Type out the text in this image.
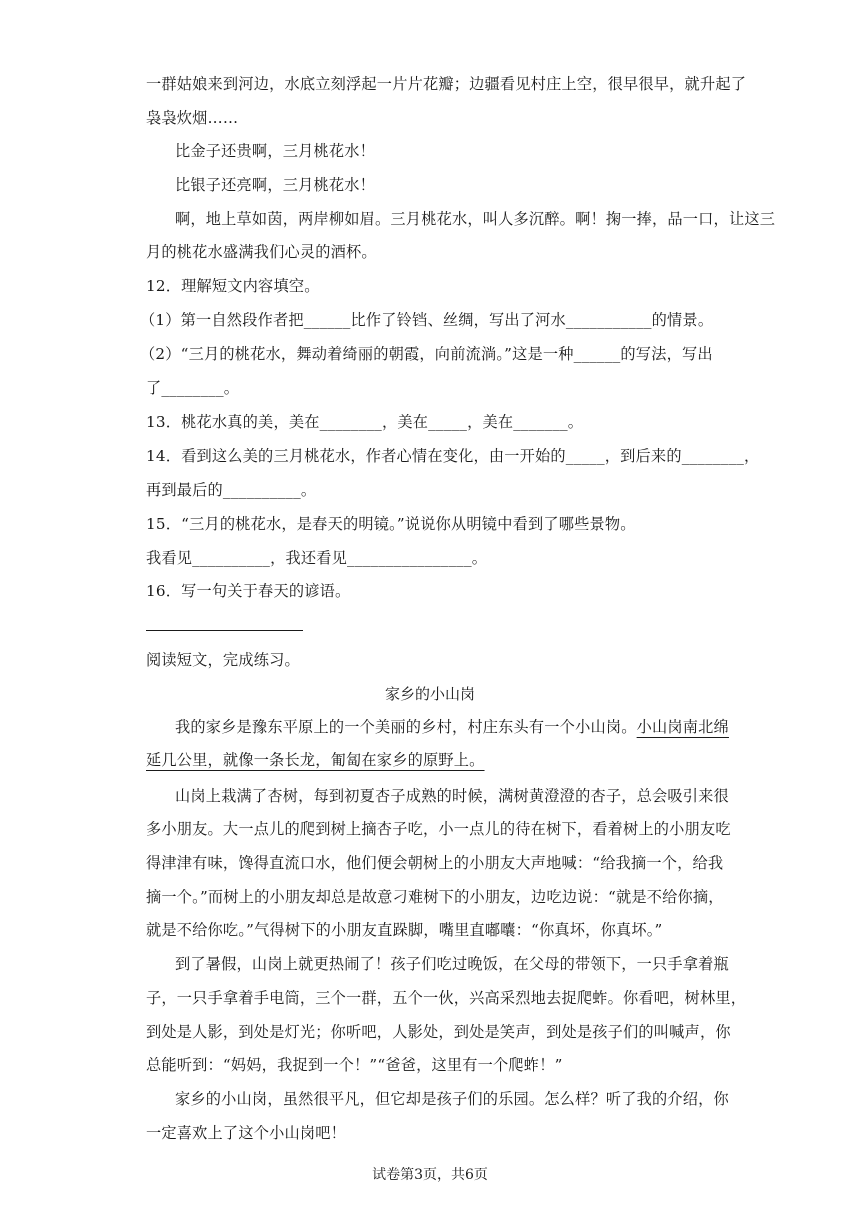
一群姑娘来到河边，水底立刻浮起一片片花瓣；边疆看见村庄上空，很早很早，就升起了
袅袅炊烟……
比金子还贵啊，三月桃花水！
比银子还亮啊，三月桃花水！
啊，地上草如茵，两岸柳如眉。三月桃花水，叫人多沉醉。啊！掬一捧，品一口，让这三
月的桃花水盛满我们心灵的酒杯。
12．理解短文内容填空。
（1）第一自然段作者把______比作了铃铛、丝绸，写出了河水___________的情景。
（2）“三月的桃花水，舞动着绮丽的朝霞，向前流淌。”这是一种______的写法，写出
了________。
13．桃花水真的美，美在________，美在_____，美在_______。
14．看到这么美的三月桃花水，作者心情在变化，由一开始的_____，到后来的________，
再到最后的__________。
15．“三月的桃花水，是春天的明镜。”说说你从明镜中看到了哪些景物。
我看见__________，我还看见________________。
16．写一句关于春天的谚语。
阅读短文，完成练习。
家乡的小山岗
我的家乡是豫东平原上的一个美丽的乡村，村庄东头有一个小山岗。小山岗南北绵
延几公里，就像一条长龙，匍匐在家乡的原野上。
山岗上栽满了杏树，每到初夏杏子成熟的时候，满树黄澄澄的杏子，总会吸引来很
多小朋友。大一点儿的爬到树上摘杏子吃，小一点儿的待在树下，看着树上的小朋友吃
得津津有味，馋得直流口水，他们便会朝树上的小朋友大声地喊：“给我摘一个，给我
摘一个。”而树上的小朋友却总是故意刁难树下的小朋友，边吃边说：“就是不给你摘，
就是不给你吃。”气得树下的小朋友直跺脚，嘴里直嘟囔：“你真坏，你真坏。”
到了暑假，山岗上就更热闹了！孩子们吃过晚饭，在父母的带领下，一只手拿着瓶
子，一只手拿着手电筒，三个一群，五个一伙，兴高采烈地去捉爬蚱。你看吧，树林里，
到处是人影，到处是灯光；你听吧，人影处，到处是笑声，到处是孩子们的叫喊声，你
总能听到：“妈妈，我捉到一个！”“爸爸，这里有一个爬蚱！”
家乡的小山岗，虽然很平凡，但它却是孩子们的乐园。怎么样？听了我的介绍，你
一定喜欢上了这个小山岗吧！
试卷第3页，共6页
